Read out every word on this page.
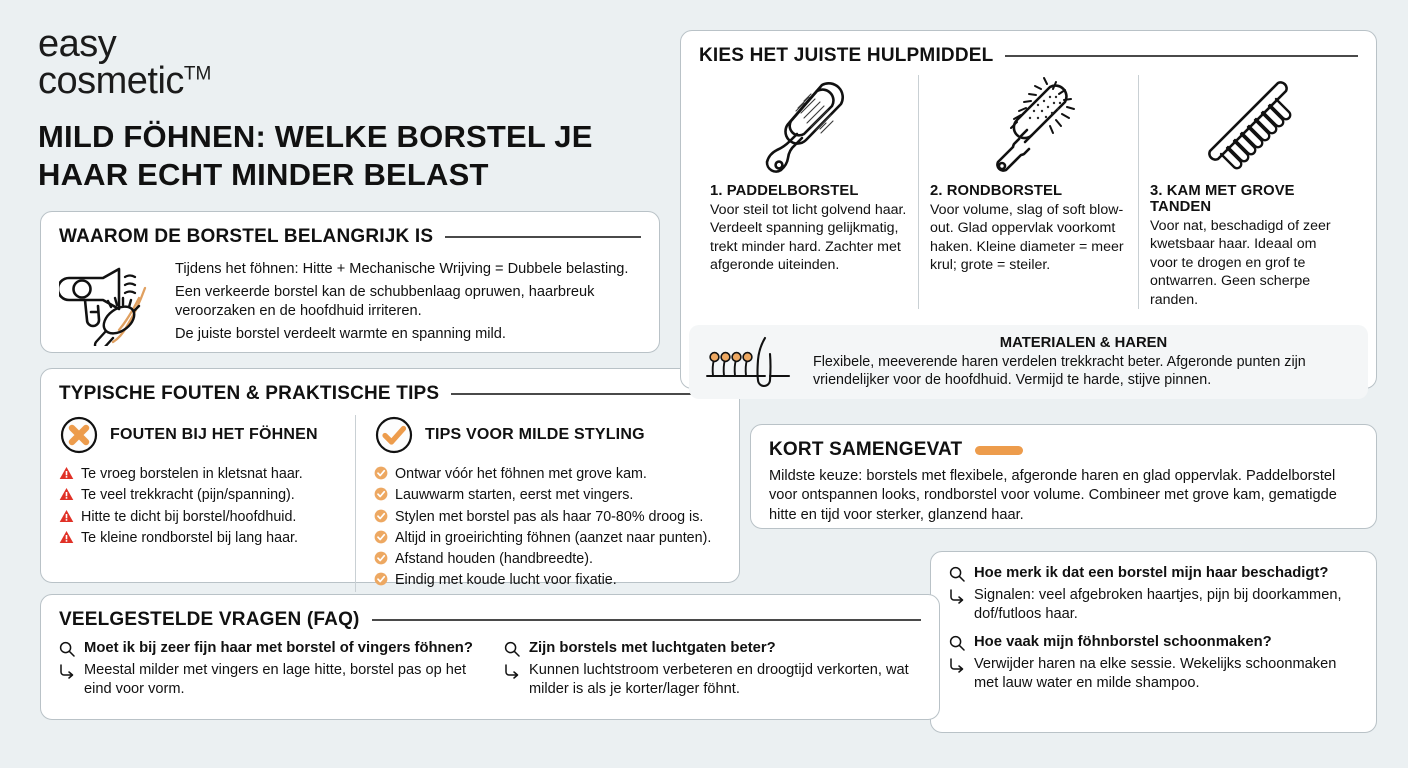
easy
cosmetic™
MILD FÖHNEN: WELKE BORSTEL JE HAAR ECHT MINDER BELAST
WAAROM DE BORSTEL BELANGRIJK IS

Tijdens het föhnen: Hitte + Mechanische Wrijving = Dubbele belasting.

Een verkeerde borstel kan de schubbenlaag opruwen, haarbreuk veroorzaken en de hoofdhuid irriteren.

De juiste borstel verdeelt warmte en spanning mild.

TYPISCHE FOUTEN & PRAKTISCHE TIPS
FOUTEN BIJ HET FÖHNEN
Te vroeg borstelen in kletsnat haar.
Te veel trekkracht (pijn/spanning).
Hitte te dicht bij borstel/hoofdhuid.
Te kleine rondborstel bij lang haar.
TIPS VOOR MILDE STYLING
Ontwar vóór het föhnen met grove kam.
Lauwwarm starten, eerst met vingers.
Stylen met borstel pas als haar 70-80% droog is.
Altijd in groeirichting föhnen (aanzet naar punten).
Afstand houden (handbreedte).
Eindig met koude lucht voor fixatie.
KIES HET JUISTE HULPMIDDEL
1. PADDELBORSTEL

Voor steil tot licht golvend haar. Verdeelt spanning gelijkmatig, trekt minder hard. Zachter met afgeronde uiteinden.

2. RONDBORSTEL

Voor volume, slag of soft blow-out. Glad oppervlak voorkomt haken. Kleine diameter = meer krul; grote = steiler.

3. KAM MET GROVE TANDEN

Voor nat, beschadigd of zeer kwetsbaar haar. Ideaal om voor te drogen en grof te ontwarren. Geen scherpe randen.

MATERIALEN & HAREN

Flexibele, meeverende haren verdelen trekkracht beter. Afgeronde punten zijn vriendelijker voor de hoofdhuid. Vermijd te harde, stijve pinnen.

KORT SAMENGEVAT

Mildste keuze: borstels met flexibele, afgeronde haren en glad oppervlak. Paddelborstel voor ontspannen looks, rondborstel voor volume. Combineer met grove kam, gematigde hitte en tijd voor sterker, glanzend haar.

Hoe merk ik dat een borstel mijn haar beschadigt?
Signalen: veel afgebroken haartjes, pijn bij doorkammen, dof/futloos haar.
Hoe vaak mijn föhnborstel schoonmaken?
Verwijder haren na elke sessie. Wekelijks schoonmaken met lauw water en milde shampoo.
VEELGESTELDE VRAGEN (FAQ)
Moet ik bij zeer fijn haar met borstel of vingers föhnen?
Meestal milder met vingers en lage hitte, borstel pas op het eind voor vorm.
Zijn borstels met luchtgaten beter?
Kunnen luchtstroom verbeteren en droogtijd verkorten, wat milder is als je korter/lager föhnt.
